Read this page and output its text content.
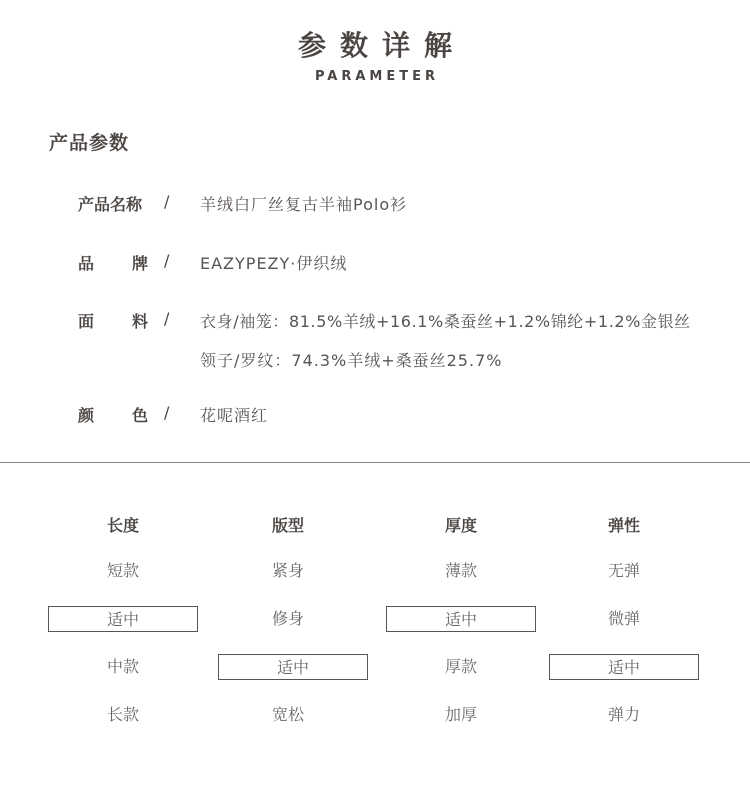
参数详解
PARAMETER
产品参数
产品名称 / 羊绒白厂丝复古半袖Polo衫
品 牌 / EAZYPEZY·伊织绒
面 料 / 衣身/袖笼：81.5%羊绒+16.1%桑蚕丝+1.2%锦纶+1.2%金银丝
领子/罗纹：74.3%羊绒+桑蚕丝25.7%
颜 色 / 花呢酒红
长度
短款
适中
中款
长款
版型
紧身
修身
适中
宽松
厚度
薄款
适中
厚款
加厚
弹性
无弹
微弹
适中
弹力
